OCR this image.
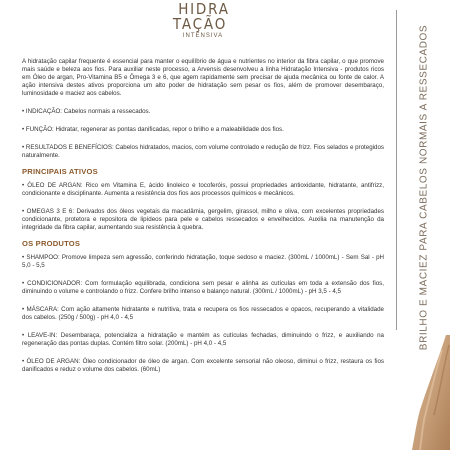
HIDRA
TAÇÃO
INTENSIVA

A hidratação capilar frequente é essencial para manter o equilíbrio de água e nutrientes no interior da fibra capilar, o que promove mais saúde e beleza aos fios. Para auxiliar neste processo, a Arvensis desenvolveu a linha Hidratação Intensiva - produtos ricos em Óleo de argan, Pro-Vitamina B5 e Ômega 3 e 6, que agem rapidamente sem precisar de ajuda mecânica ou fonte de calor. A ação intensiva destes ativos proporciona um alto poder de hidratação sem pesar os fios, além de promover desembaraço, luminosidade e maciez aos cabelos.

• INDICAÇÃO: Cabelos normais a ressecados.

• FUNÇÃO: Hidratar, regenerar as pontas danificadas, repor o brilho e a maleabilidade dos fios.

• RESULTADOS E BENEFÍCIOS: Cabelos hidratados, macios, com volume controlado e redução de frizz. Fios selados e protegidos naturalmente.

PRINCIPAIS ATIVOS

• ÓLEO DE ARGAN: Rico em Vitamina E, ácido linoleico e tocoferóis, possui propriedades antioxidante, hidratante, antifrizz, condicionante e disciplinante. Aumenta a resistência dos fios aos processos químicos e mecânicos.

• OMEGAS 3 E 6: Derivados dos óleos vegetais da macadâmia, gergelim, girassol, milho e oliva, com excelentes propriedades condicionante, protetora e repositora de lipídeos para pele e cabelos ressecados e envelhecidos. Auxilia na manutenção da integridade da fibra capilar, aumentando sua resistência à quebra.

OS PRODUTOS

• SHAMPOO: Promove limpeza sem agressão, conferindo hidratação, toque sedoso e maciez. (300mL / 1000mL) - Sem Sal - pH 5,0 - 5,5

• CONDICIONADOR: Com formulação equilibrada, condiciona sem pesar e alinha as cutículas em toda a extensão dos fios, diminuindo o volume e controlando o frizz. Confere brilho intenso e balanço natural. (300mL / 1000mL) - pH 3,5 - 4,5

• MÁSCARA: Com ação altamente hidratante e nutritiva, trata e recupera os fios ressecados e opacos, recuperando a vitalidade dos cabelos. (250g / 500g) - pH 4,0 - 4,5

• LEAVE-IN: Desembaraça, potencializa a hidratação e mantém as cutículas fechadas, diminuindo o frizz, e auxiliando na regeneração das pontas duplas. Contém filtro solar. (200mL) - pH 4,0 - 4,5

• ÓLEO DE ARGAN: Óleo condicionador de óleo de argan. Com excelente sensorial não oleoso, diminui o frizz, restaura os fios danificados e reduz o volume dos cabelos. (60mL)

BRILHO E MACIEZ PARA CABELOS NORMAIS A RESSECADOS
